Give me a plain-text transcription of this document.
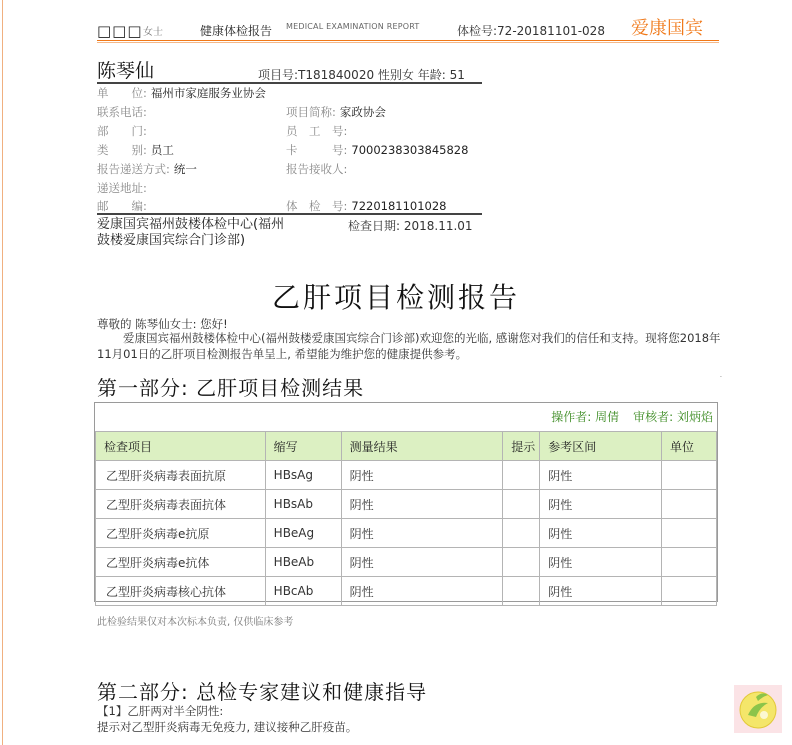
□□□ 女士	健康体检报告 MEDICAL EXAMINATION REPORT	体检号:72-20181101-028 爱康国宾
陈琴仙	项目号:T181840020 性别女 年龄: 51
单　　位: 福州市家庭服务业协会
联系电话:	项目简称: 家政协会
部　　门:	员　工　号:
类　　别: 员工	卡　　　号: 7000238303845828
报告递送方式: 统一	报告接收人:
递送地址:
邮　　编:	体　检　号: 7220181101028
爱康国宾福州鼓楼体检中心(福州鼓楼爱康国宾综合门诊部)
检查日期: 2018.11.01
乙肝项目检测报告
尊敬的 陈琴仙女士: 您好!
爱康国宾福州鼓楼体检中心(福州鼓楼爱康国宾综合门诊部)欢迎您的光临, 感谢您对我们的信任和支持。现将您2018年11月01日的乙肝项目检测报告单呈上, 希望能为维护您的健康提供参考。
第一部分: 乙肝项目检测结果
.
操作者: 周倩 审核者: 刘炳焰
检查项目	缩写	测量结果	提示	参考区间	单位
乙型肝炎病毒表面抗原	HBsAg	阴性		阴性	
乙型肝炎病毒表面抗体	HBsAb	阴性		阴性	
乙型肝炎病毒e抗原	HBeAg	阴性		阴性	
乙型肝炎病毒e抗体	HBeAb	阴性		阴性	
乙型肝炎病毒核心抗体	HBcAb	阴性		阴性	
此检验结果仅对本次标本负责, 仅供临床参考
第二部分: 总检专家建议和健康指导
【1】乙肝两对半全阴性:
提示对乙型肝炎病毒无免疫力, 建议接种乙肝疫苗。
